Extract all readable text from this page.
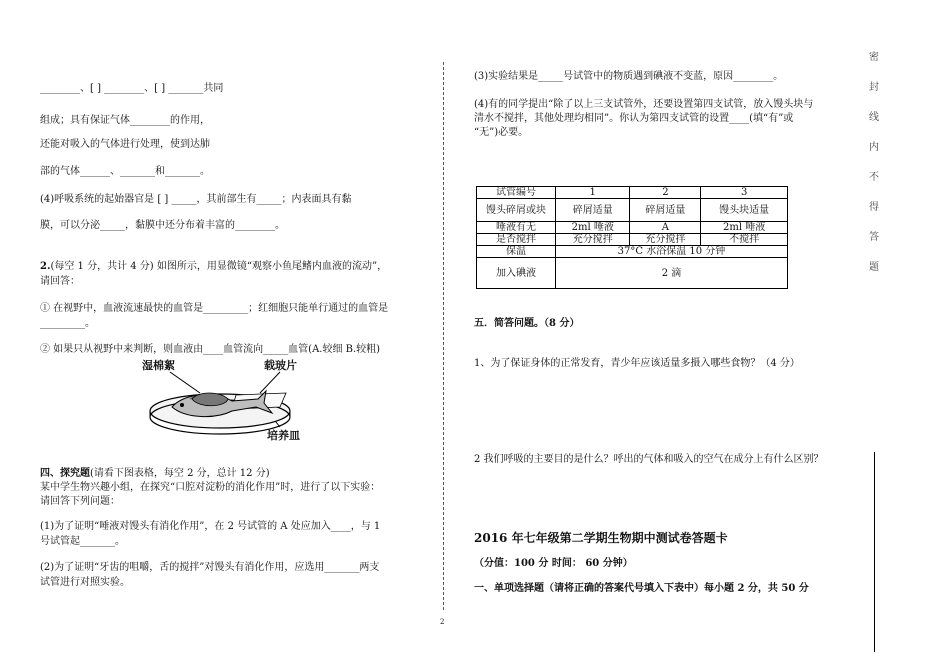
________、[ ] ________、[ ] _______共同
组成；具有保证气体________的作用，
还能对吸入的气体进行处理，使到达肺
部的气体______、_______和_______。
(4)呼吸系统的起始器官是 [ ] _____，其前部生有_____；内表面具有黏
膜，可以分泌_____，黏膜中还分布着丰富的________。
2.(每空 1 分，共计 4 分) 如图所示，用显微镜“观察小鱼尾鳍内血液的流动”，
请回答：
① 在视野中，血液流速最快的血管是_________；红细胞只能单行通过的血管是
_________。
② 如果只从视野中来判断，则血液由____血管流向_____血管(A.较细 B.较粗)
湿棉絮	载玻片
培养皿
四、探究题(请看下图表格，每空 2 分，总计 12 分)
某中学生物兴趣小组，在探究“口腔对淀粉的消化作用”时，进行了以下实验：
请回答下列问题：
(1)为了证明“唾液对馒头有消化作用”，在 2 号试管的 A 处应加入____，与 1
号试管起_______。
(2)为了证明“牙齿的咀嚼，舌的搅拌”对馒头有消化作用，应选用_______两支
试管进行对照实验。
(3)实验结果是_____号试管中的物质遇到碘液不变蓝，原因________。
(4)有的同学提出“除了以上三支试管外，还要设置第四支试管，放入馒头块与
清水不搅拌，其他处理均相同”。你认为第四支试管的设置____(填“有”或
“无”)必要。
试管编号	1	2	3
馒头碎屑或块	碎屑适量	碎屑适量	馒头块适量
唾液有无	2ml 唾液	A	2ml 唾液
是否搅拌	充分搅拌	充分搅拌	不搅拌
保温	37°C 水浴保温 10 分钟		
加入碘液	2 滴		
五．简答问题。（8 分）
1、为了保证身体的正常发育，青少年应该适量多摄入哪些食物？（4 分）
2 我们呼吸的主要目的是什么？呼出的气体和吸入的空气在成分上有什么区别？
2016 年七年级第二学期生物期中测试卷答题卡
（分值：100 分 时间： 60 分钟）
一、单项选择题（请将正确的答案代号填入下表中）每小题 2 分，共 50 分
密
封
线
内
不
得
答
题
2
